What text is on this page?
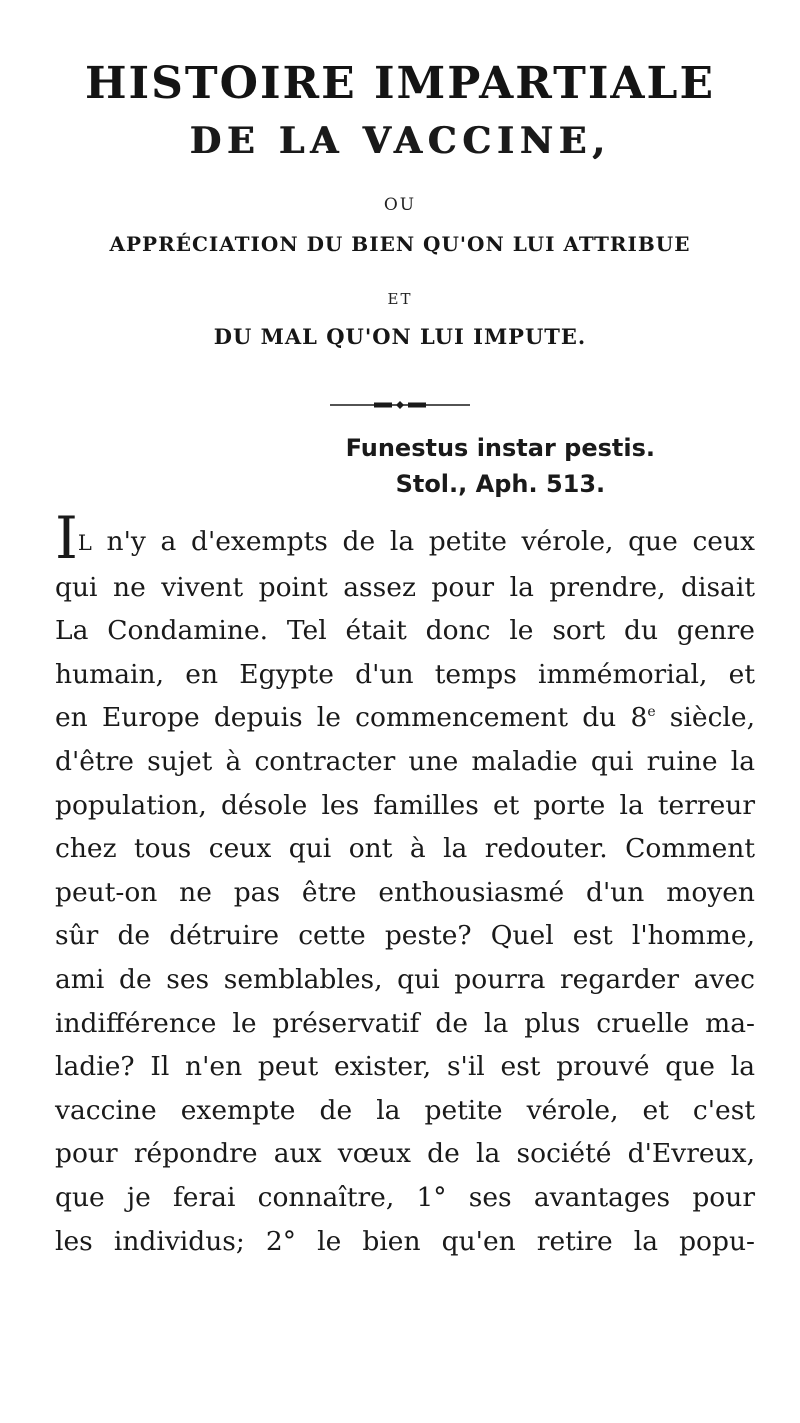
HISTOIRE IMPARTIALE
DE LA VACCINE,
OU
APPRÉCIATION DU BIEN QU'ON LUI ATTRIBUE
ET
DU MAL QU'ON LUI IMPUTE.
Funestus instar pestis.
Stol., Aph. 513.
IL n'y a d'exempts de la petite vérole, que ceux
qui ne vivent point assez pour la prendre, disait
La Condamine. Tel était donc le sort du genre
humain, en Egypte d'un temps immémorial, et
en Europe depuis le commencement du 8e siècle,
d'être sujet à contracter une maladie qui ruine la
population, désole les familles et porte la terreur
chez tous ceux qui ont à la redouter. Comment
peut-on ne pas être enthousiasmé d'un moyen
sûr de détruire cette peste? Quel est l'homme,
ami de ses semblables, qui pourra regarder avec
indifférence le préservatif de la plus cruelle ma-
ladie? Il n'en peut exister, s'il est prouvé que la
vaccine exempte de la petite vérole, et c'est
pour répondre aux vœux de la société d'Evreux,
que je ferai connaître, 1° ses avantages pour
les individus; 2° le bien qu'en retire la popu-
